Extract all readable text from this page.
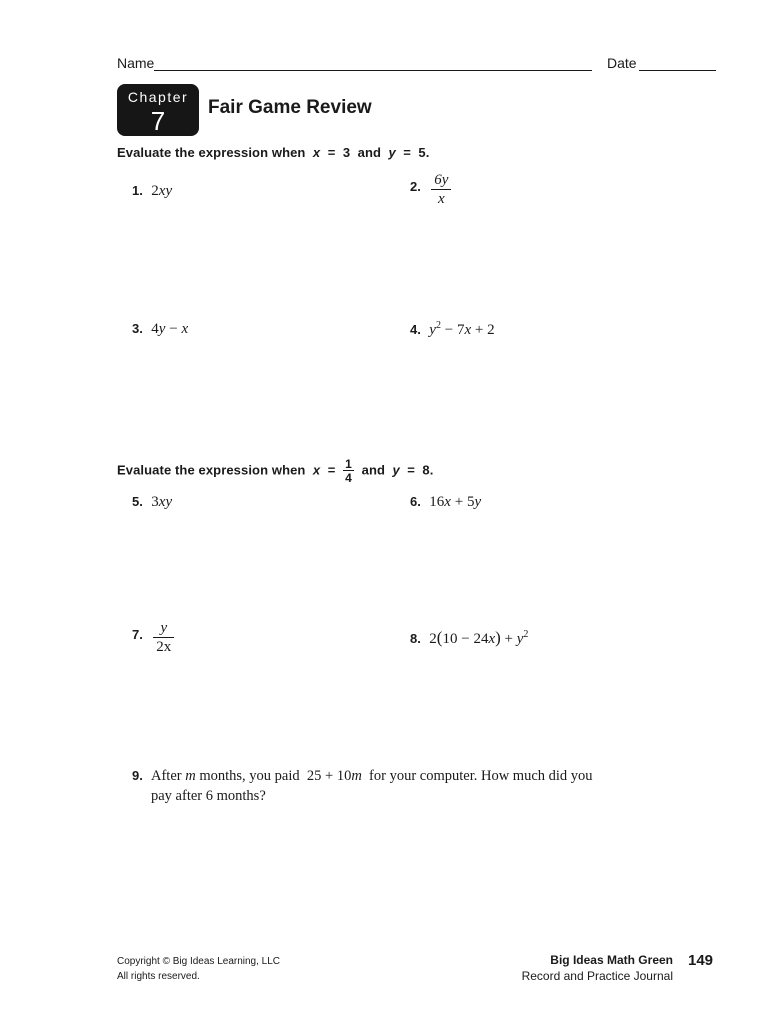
Name	Date
Chapter
7	Fair Game Review
Evaluate the expression when x = 3 and y = 5.
1. 2xy	2. $\frac{6y}{x}$
3. 4y − x	4. $y^2 - 7x + 2$
Evaluate the expression when $x = \frac{1}{4}$ and y = 8.
5. 3xy	6. 16x + 5y
7. $\frac{y}{2x}$	8. $2(10 - 24x) + y^2$
9. After m months, you paid 25 + 10m for your computer. How much did you pay after 6 months?
Copyright © Big Ideas Learning, LLC
All rights reserved.
Big Ideas Math Green
Record and Practice Journal
149
